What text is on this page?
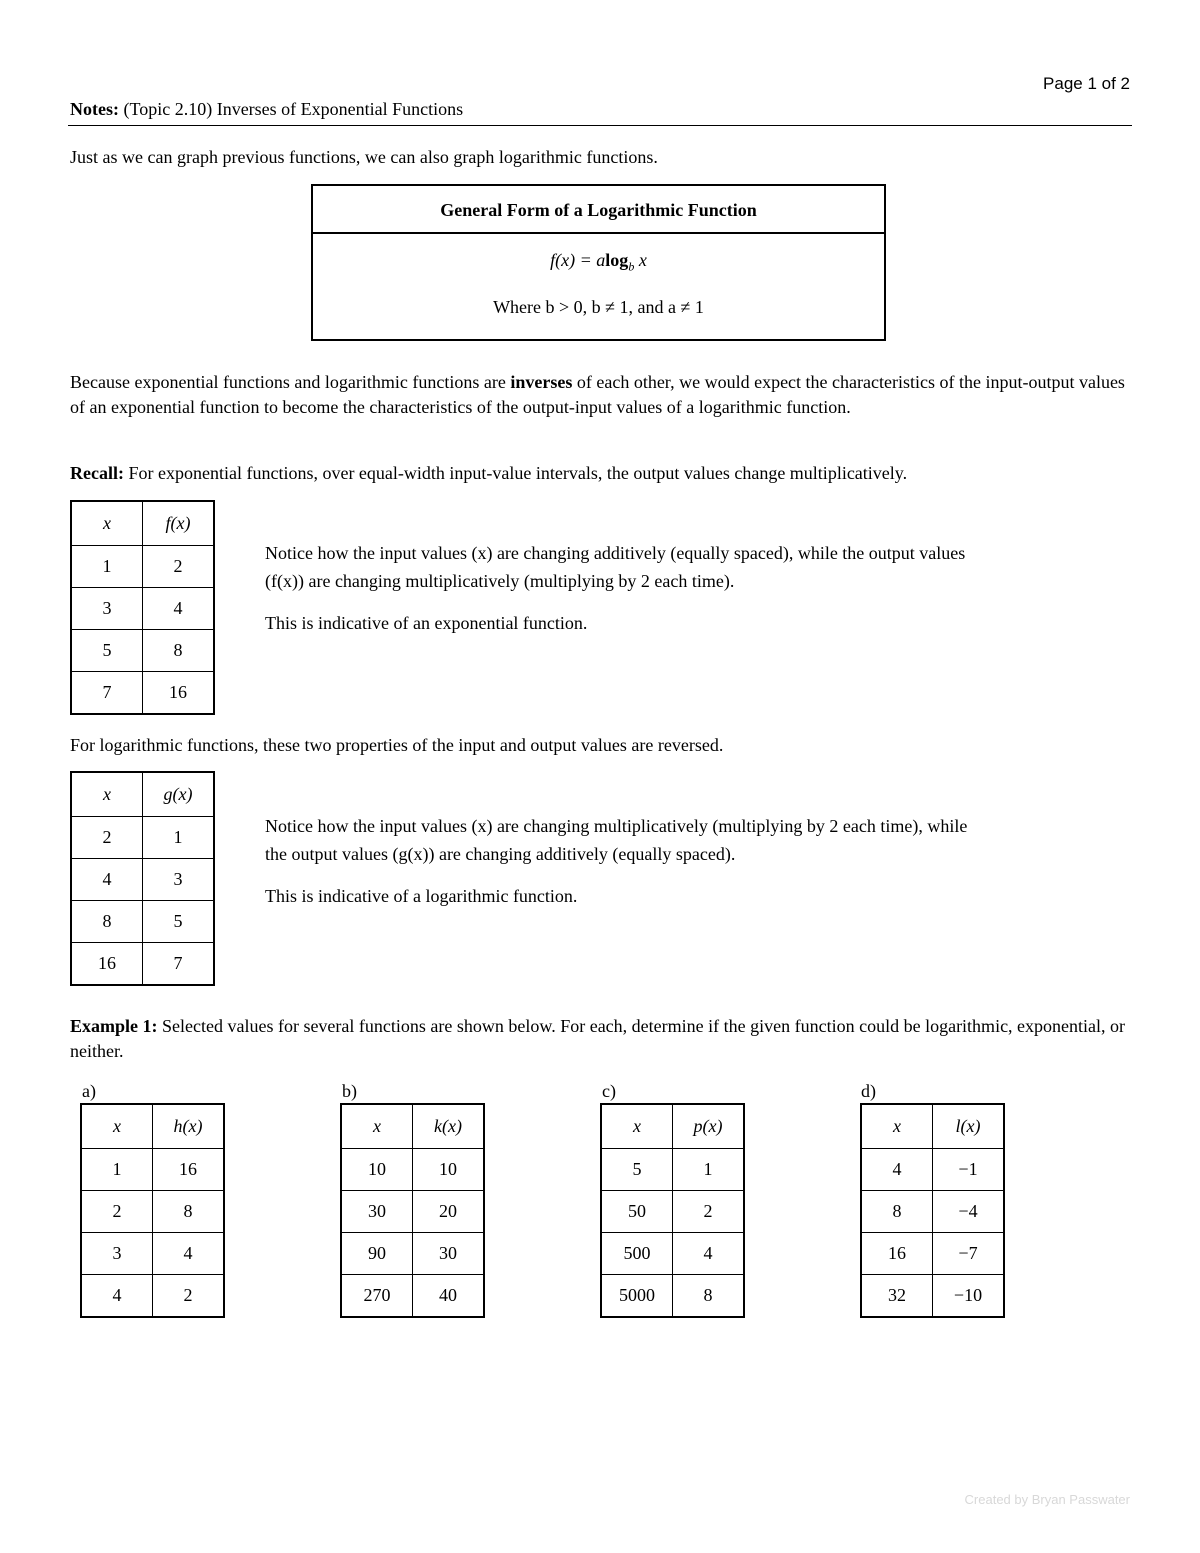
Page 1 of 2
Notes: (Topic 2.10) Inverses of Exponential Functions
Just as we can graph previous functions, we can also graph logarithmic functions.
General Form of a Logarithmic Function
f(x) = alog$_b$ x
Where b > 0, b ≠ 1, and a ≠ 1
Because exponential functions and logarithmic functions are inverses of each other, we would expect the characteristics of the input-output values of an exponential function to become the characteristics of the output-input values of a logarithmic function.
Recall: For exponential functions, over equal-width input-value intervals, the output values change multiplicatively.
x	f(x)
1	2
3	4
5	8
7	16
Notice how the input values (x) are changing additively (equally spaced), while the output values
(f(x)) are changing multiplicatively (multiplying by 2 each time).
This is indicative of an exponential function.
For logarithmic functions, these two properties of the input and output values are reversed.
x	g(x)
2	1
4	3
8	5
16	7
Notice how the input values (x) are changing multiplicatively (multiplying by 2 each time), while
the output values (g(x)) are changing additively (equally spaced).
This is indicative of a logarithmic function.
Example 1: Selected values for several functions are shown below. For each, determine if the given function could be logarithmic, exponential, or neither.
a)
x	h(x)
1	16
2	8
3	4
4	2
b)
x	k(x)
10	10
30	20
90	30
270	40
c)
x	p(x)
5	1
50	2
500	4
5000	8
d)
x	l(x)
4	−1
8	−4
16	−7
32	−10
Created by Bryan Passwater
